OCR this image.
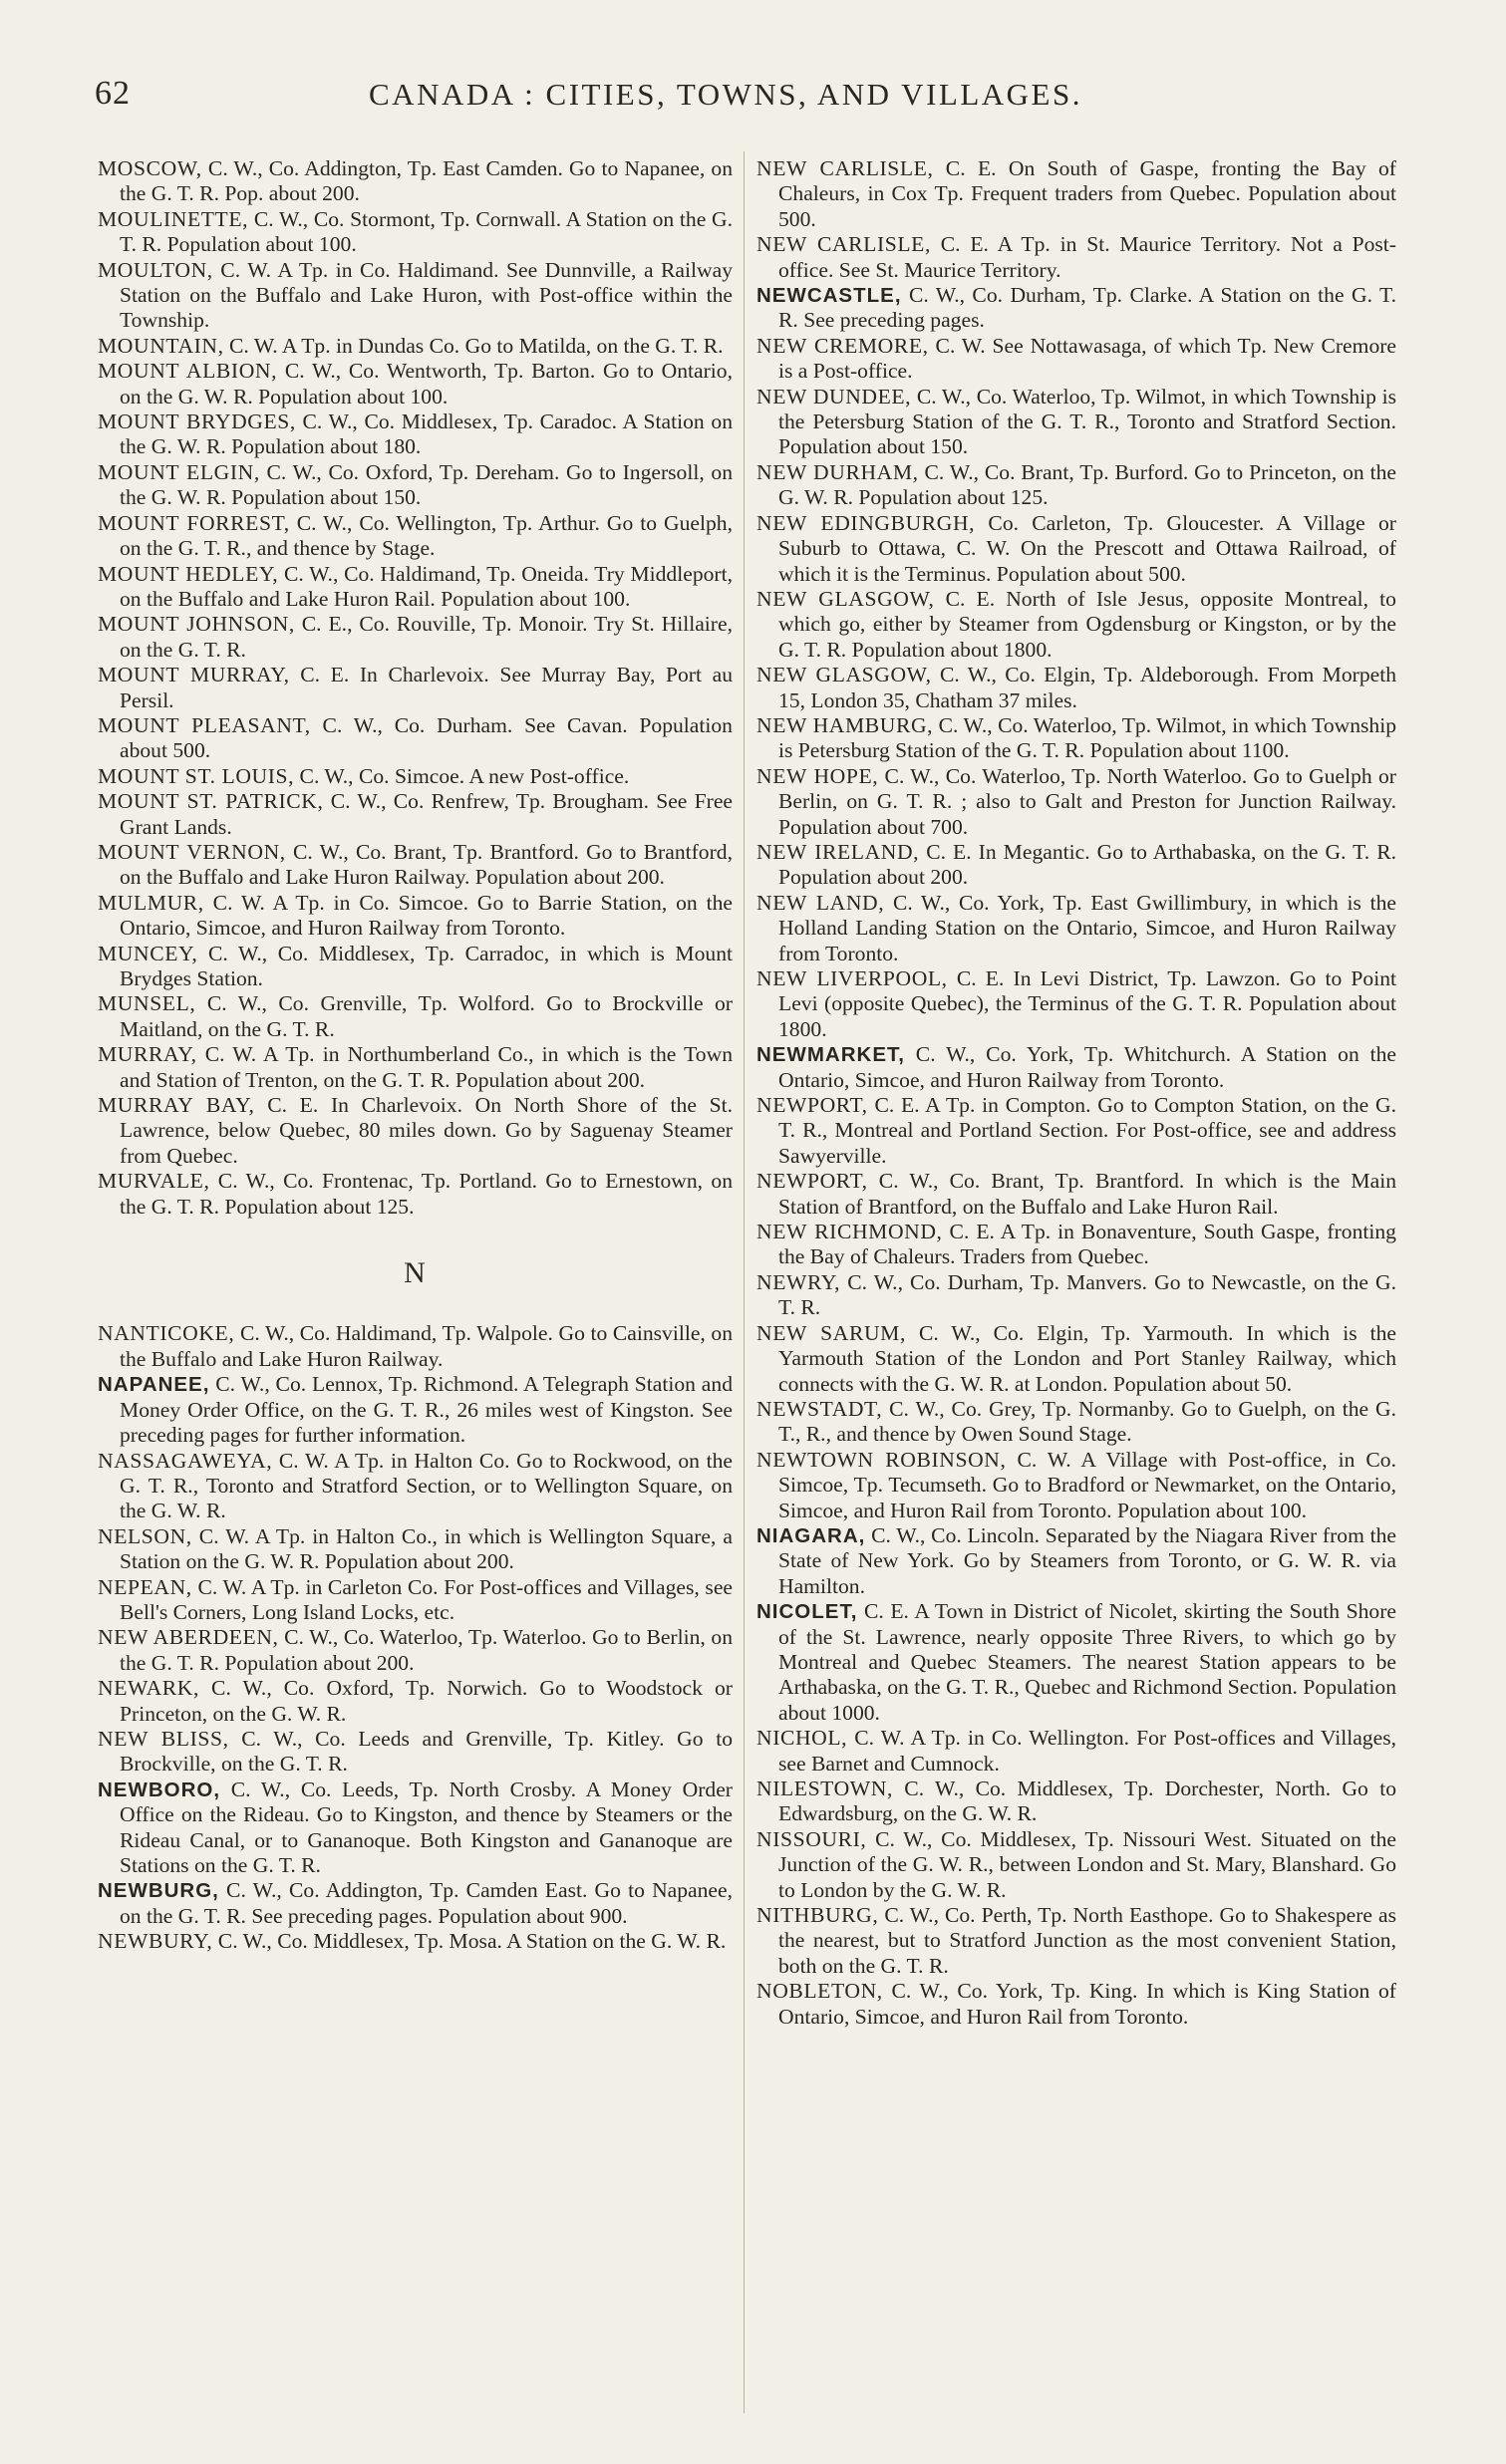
62	CANADA : CITIES, TOWNS, AND VILLAGES.

MOSCOW, C. W., Co. Addington, Tp. East Camden. Go to Napanee, on the G. T. R. Pop. about 200.

MOULINETTE, C. W., Co. Stormont, Tp. Cornwall. A Station on the G. T. R. Population about 100.

MOULTON, C. W. A Tp. in Co. Haldimand. See Dunnville, a Railway Station on the Buffalo and Lake Huron, with Post-office within the Township.

MOUNTAIN, C. W. A Tp. in Dundas Co. Go to Matilda, on the G. T. R.

MOUNT ALBION, C. W., Co. Wentworth, Tp. Barton. Go to Ontario, on the G. W. R. Population about 100.

MOUNT BRYDGES, C. W., Co. Middlesex, Tp. Caradoc. A Station on the G. W. R. Population about 180.

MOUNT ELGIN, C. W., Co. Oxford, Tp. Dereham. Go to Ingersoll, on the G. W. R. Population about 150.

MOUNT FORREST, C. W., Co. Wellington, Tp. Arthur. Go to Guelph, on the G. T. R., and thence by Stage.

MOUNT HEDLEY, C. W., Co. Haldimand, Tp. Oneida. Try Middleport, on the Buffalo and Lake Huron Rail. Population about 100.

MOUNT JOHNSON, C. E., Co. Rouville, Tp. Monoir. Try St. Hillaire, on the G. T. R.

MOUNT MURRAY, C. E. In Charlevoix. See Murray Bay, Port au Persil.

MOUNT PLEASANT, C. W., Co. Durham. See Cavan. Population about 500.

MOUNT ST. LOUIS, C. W., Co. Simcoe. A new Post-office.

MOUNT ST. PATRICK, C. W., Co. Renfrew, Tp. Brougham. See Free Grant Lands.

MOUNT VERNON, C. W., Co. Brant, Tp. Brantford. Go to Brantford, on the Buffalo and Lake Huron Railway. Population about 200.

MULMUR, C. W. A Tp. in Co. Simcoe. Go to Barrie Station, on the Ontario, Simcoe, and Huron Railway from Toronto.

MUNCEY, C. W., Co. Middlesex, Tp. Carradoc, in which is Mount Brydges Station.

MUNSEL, C. W., Co. Grenville, Tp. Wolford. Go to Brockville or Maitland, on the G. T. R.

MURRAY, C. W. A Tp. in Northumberland Co., in which is the Town and Station of Trenton, on the G. T. R. Population about 200.

MURRAY BAY, C. E. In Charlevoix. On North Shore of the St. Lawrence, below Quebec, 80 miles down. Go by Saguenay Steamer from Quebec.

MURVALE, C. W., Co. Frontenac, Tp. Portland. Go to Ernestown, on the G. T. R. Population about 125.

N

NANTICOKE, C. W., Co. Haldimand, Tp. Walpole. Go to Cainsville, on the Buffalo and Lake Huron Railway.

NAPANEE, C. W., Co. Lennox, Tp. Richmond. A Telegraph Station and Money Order Office, on the G. T. R., 26 miles west of Kingston. See preceding pages for further information.

NASSAGAWEYA, C. W. A Tp. in Halton Co. Go to Rockwood, on the G. T. R., Toronto and Stratford Section, or to Wellington Square, on the G. W. R.

NELSON, C. W. A Tp. in Halton Co., in which is Wellington Square, a Station on the G. W. R. Population about 200.

NEPEAN, C. W. A Tp. in Carleton Co. For Post-offices and Villages, see Bell's Corners, Long Island Locks, etc.

NEW ABERDEEN, C. W., Co. Waterloo, Tp. Waterloo. Go to Berlin, on the G. T. R. Population about 200.

NEWARK, C. W., Co. Oxford, Tp. Norwich. Go to Woodstock or Princeton, on the G. W. R.

NEW BLISS, C. W., Co. Leeds and Grenville, Tp. Kitley. Go to Brockville, on the G. T. R.

NEWBORO, C. W., Co. Leeds, Tp. North Crosby. A Money Order Office on the Rideau. Go to Kingston, and thence by Steamers or the Rideau Canal, or to Gananoque. Both Kingston and Gananoque are Stations on the G. T. R.

NEWBURG, C. W., Co. Addington, Tp. Camden East. Go to Napanee, on the G. T. R. See preceding pages. Population about 900.

NEWBURY, C. W., Co. Middlesex, Tp. Mosa. A Station on the G. W. R.

NEW CARLISLE, C. E. On South of Gaspe, fronting the Bay of Chaleurs, in Cox Tp. Frequent traders from Quebec. Population about 500.

NEW CARLISLE, C. E. A Tp. in St. Maurice Territory. Not a Post-office. See St. Maurice Territory.

NEWCASTLE, C. W., Co. Durham, Tp. Clarke. A Station on the G. T. R. See preceding pages.

NEW CREMORE, C. W. See Nottawasaga, of which Tp. New Cremore is a Post-office.

NEW DUNDEE, C. W., Co. Waterloo, Tp. Wilmot, in which Township is the Petersburg Station of the G. T. R., Toronto and Stratford Section. Population about 150.

NEW DURHAM, C. W., Co. Brant, Tp. Burford. Go to Princeton, on the G. W. R. Population about 125.

NEW EDINGBURGH, Co. Carleton, Tp. Gloucester. A Village or Suburb to Ottawa, C. W. On the Prescott and Ottawa Railroad, of which it is the Terminus. Population about 500.

NEW GLASGOW, C. E. North of Isle Jesus, opposite Montreal, to which go, either by Steamer from Ogdensburg or Kingston, or by the G. T. R. Population about 1800.

NEW GLASGOW, C. W., Co. Elgin, Tp. Aldeborough. From Morpeth 15, London 35, Chatham 37 miles.

NEW HAMBURG, C. W., Co. Waterloo, Tp. Wilmot, in which Township is Petersburg Station of the G. T. R. Population about 1100.

NEW HOPE, C. W., Co. Waterloo, Tp. North Waterloo. Go to Guelph or Berlin, on G. T. R. ; also to Galt and Preston for Junction Railway. Population about 700.

NEW IRELAND, C. E. In Megantic. Go to Arthabaska, on the G. T. R. Population about 200.

NEW LAND, C. W., Co. York, Tp. East Gwillimbury, in which is the Holland Landing Station on the Ontario, Simcoe, and Huron Railway from Toronto.

NEW LIVERPOOL, C. E. In Levi District, Tp. Lawzon. Go to Point Levi (opposite Quebec), the Terminus of the G. T. R. Population about 1800.

NEWMARKET, C. W., Co. York, Tp. Whitchurch. A Station on the Ontario, Simcoe, and Huron Railway from Toronto.

NEWPORT, C. E. A Tp. in Compton. Go to Compton Station, on the G. T. R., Montreal and Portland Section. For Post-office, see and address Sawyerville.

NEWPORT, C. W., Co. Brant, Tp. Brantford. In which is the Main Station of Brantford, on the Buffalo and Lake Huron Rail.

NEW RICHMOND, C. E. A Tp. in Bonaventure, South Gaspe, fronting the Bay of Chaleurs. Traders from Quebec.

NEWRY, C. W., Co. Durham, Tp. Manvers. Go to Newcastle, on the G. T. R.

NEW SARUM, C. W., Co. Elgin, Tp. Yarmouth. In which is the Yarmouth Station of the London and Port Stanley Railway, which connects with the G. W. R. at London. Population about 50.

NEWSTADT, C. W., Co. Grey, Tp. Normanby. Go to Guelph, on the G. T., R., and thence by Owen Sound Stage.

NEWTOWN ROBINSON, C. W. A Village with Post-office, in Co. Simcoe, Tp. Tecumseth. Go to Bradford or Newmarket, on the Ontario, Simcoe, and Huron Rail from Toronto. Population about 100.

NIAGARA, C. W., Co. Lincoln. Separated by the Niagara River from the State of New York. Go by Steamers from Toronto, or G. W. R. via Hamilton.

NICOLET, C. E. A Town in District of Nicolet, skirting the South Shore of the St. Lawrence, nearly opposite Three Rivers, to which go by Montreal and Quebec Steamers. The nearest Station appears to be Arthabaska, on the G. T. R., Quebec and Richmond Section. Population about 1000.

NICHOL, C. W. A Tp. in Co. Wellington. For Post-offices and Villages, see Barnet and Cumnock.

NILESTOWN, C. W., Co. Middlesex, Tp. Dorchester, North. Go to Edwardsburg, on the G. W. R.

NISSOURI, C. W., Co. Middlesex, Tp. Nissouri West. Situated on the Junction of the G. W. R., between London and St. Mary, Blanshard. Go to London by the G. W. R.

NITHBURG, C. W., Co. Perth, Tp. North Easthope. Go to Shakespere as the nearest, but to Stratford Junction as the most convenient Station, both on the G. T. R.

NOBLETON, C. W., Co. York, Tp. King. In which is King Station of Ontario, Simcoe, and Huron Rail from Toronto.
